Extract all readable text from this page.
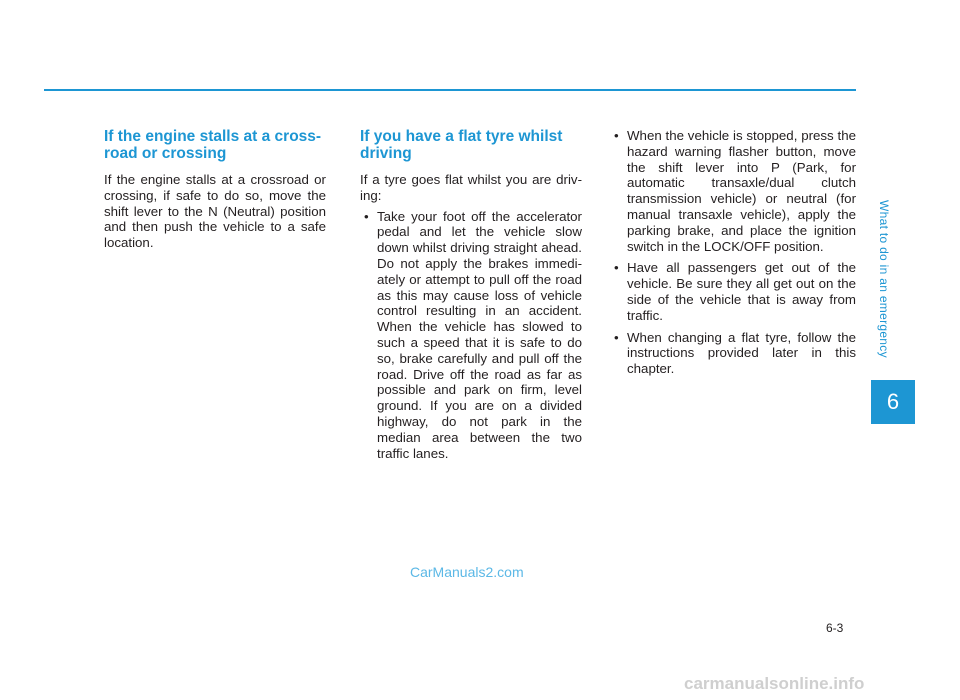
If the engine stalls at a cross-road or crossing

If the engine stalls at a crossroad or crossing, if safe to do so, move the shift lever to the N (Neutral) position and then push the vehicle to a safe location.

If you have a flat tyre whilst driving

If a tyre goes flat whilst you are driv-ing:

• Take your foot off the accelerator pedal and let the vehicle slow down whilst driving straight ahead. Do not apply the brakes immedi-ately or attempt to pull off the road as this may cause loss of vehicle control resulting in an accident. When the vehicle has slowed to such a speed that it is safe to do so, brake carefully and pull off the road. Drive off the road as far as possible and park on firm, level ground. If you are on a divided highway, do not park in the median area between the two traffic lanes.
• When the vehicle is stopped, press the hazard warning flasher button, move the shift lever into P (Park, for automatic transaxle/dual clutch transmission vehicle) or neutral (for manual transaxle vehicle), apply the parking brake, and place the ignition switch in the LOCK/OFF position.
• Have all passengers get out of the vehicle. Be sure they all get out on the side of the vehicle that is away from traffic.
• When changing a flat tyre, follow the instructions provided later in this chapter.
What to do in an emergency
6
6-3
CarManuals2.com
carmanualsonline.info
